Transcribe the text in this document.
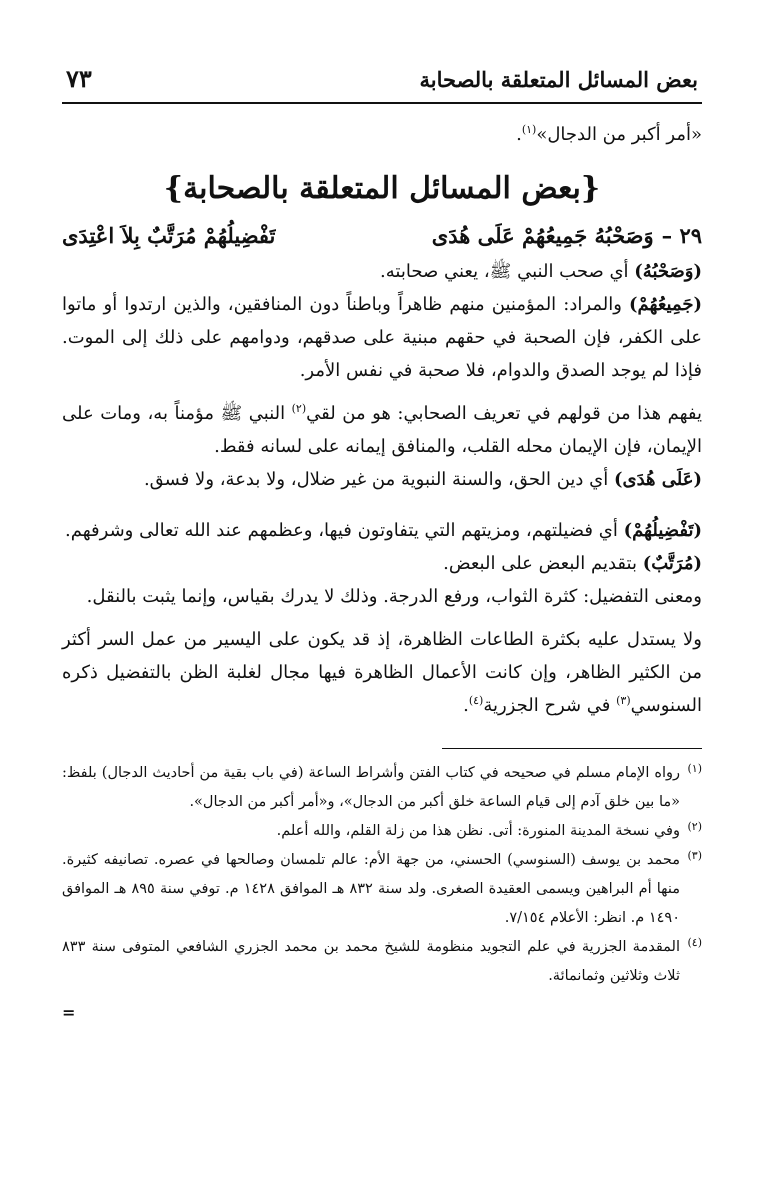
بعض المسائل المتعلقة بالصحابة
٧٣

«أمر أكبر من الدجال»$^{(١)}$.

{بعض المسائل المتعلقة بالصحابة}
٢٩ –
وَصَحْبُهُ جَمِيعُهُمْ عَلَى هُدَى
تَفْضِيلُهُمْ مُرَتَّبٌ بِلاَ اعْتِدَى

(وَصَحْبُهُ) أي صحب النبي ﷺ، يعني صحابته.

(جَمِيعُهُمْ) والمراد: المؤمنين منهم ظاهراً وباطناً دون المنافقين، والذين ارتدوا أو ماتوا على الكفر، فإن الصحبة في حقهم مبنية على صدقهم، ودوامهم على ذلك إلى الموت. فإذا لم يوجد الصدق والدوام، فلا صحبة في نفس الأمر.

يفهم هذا من قولهم في تعريف الصحابي: هو من لقي$^{(٢)}$ النبي ﷺ مؤمناً به، ومات على الإيمان، فإن الإيمان محله القلب، والمنافق إيمانه على لسانه فقط.

(عَلَى هُدَى) أي دين الحق، والسنة النبوية من غير ضلال، ولا بدعة، ولا فسق.

(تَفْضِيلُهُمْ) أي فضيلتهم، ومزيتهم التي يتفاوتون فيها، وعظمهم عند الله تعالى وشرفهم.

(مُرَتَّبٌ) بتقديم البعض على البعض.

ومعنى التفضيل: كثرة الثواب، ورفع الدرجة. وذلك لا يدرك بقياس، وإنما يثبت بالنقل.

ولا يستدل عليه بكثرة الطاعات الظاهرة، إذ قد يكون على اليسير من عمل السر أكثر من الكثير الظاهر، وإن كانت الأعمال الظاهرة فيها مجال لغلبة الظن بالتفضيل ذكره السنوسي$^{(٣)}$ في شرح الجزرية$^{(٤)}$.

(١)
رواه الإمام مسلم في صحيحه في كتاب الفتن وأشراط الساعة (في باب بقية من أحاديث الدجال) بلفظ: «ما بين خلق آدم إلى قيام الساعة خلق أكبر من الدجال»، و«أمر أكبر من الدجال».
(٢)
وفي نسخة المدينة المنورة: أتى. نظن هذا من زلة القلم، والله أعلم.
(٣)
محمد بن يوسف (السنوسي) الحسني، من جهة الأم: عالم تلمسان وصالحها في عصره. تصانيفه كثيرة. منها أم البراهين ويسمى العقيدة الصغرى. ولد سنة ٨٣٢ هـ الموافق ١٤٢٨ م. توفي سنة ٨٩٥ هـ الموافق ١٤٩٠ م. انظر: الأعلام ٧/١٥٤.
(٤)
المقدمة الجزرية في علم التجويد منظومة للشيخ محمد بن محمد الجزري الشافعي المتوفى سنة ٨٣٣ ثلاث وثلاثين وثمانمائة.
=
